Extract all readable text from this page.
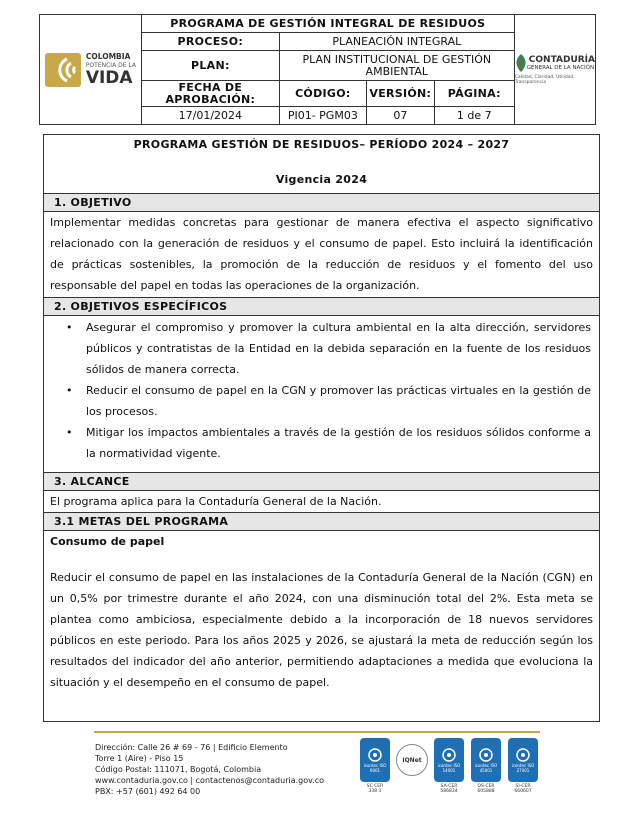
COLOMBIA
POTENCIA DE LA
VIDA
PROGRAMA DE GESTIÓN INTEGRAL DE RESIDUOS
PROCESO:	PLANEACIÓN INTEGRAL
PLAN:	PLAN INSTITUCIONAL DE GESTIÓN AMBIENTAL
FECHA DE APROBACIÓN:	CÓDIGO:	VERSIÓN:	PÁGINA:
17/01/2024	PI01- PGM03	07	1 de 7
CONTADURÍA
GENERAL DE LA NACIÓN
Calidad, Claridad, Utilidad, Transparencia
PROGRAMA GESTIÓN DE RESIDUOS– PERÍODO 2024 – 2027
Vigencia 2024
1. OBJETIVO

Implementar medidas concretas para gestionar de manera efectiva el aspecto significativo relacionado con la generación de residuos y el consumo de papel. Esto incluirá la identificación de prácticas sostenibles, la promoción de la reducción de residuos y el fomento del uso responsable del papel en todas las operaciones de la organización.

2. OBJETIVOS ESPECÍFICOS
• Asegurar el compromiso y promover la cultura ambiental en la alta dirección, servidores públicos y contratistas de la Entidad en la debida separación en la fuente de los residuos sólidos de manera correcta.
• Reducir el consumo de papel en la CGN y promover las prácticas virtuales en la gestión de los procesos.
• Mitigar los impactos ambientales a través de la gestión de los residuos sólidos conforme a la normatividad vigente.
3. ALCANCE

El programa aplica para la Contaduría General de la Nación.

3.1 METAS DEL PROGRAMA
Consumo de papel

Reducir el consumo de papel en las instalaciones de la Contaduría General de la Nación (CGN) en un 0,5% por trimestre durante el año 2024, con una disminución total del 2%. Esta meta se plantea como ambiciosa, especialmente debido a la incorporación de 18 nuevos servidores públicos en este periodo. Para los años 2025 y 2026, se ajustará la meta de reducción según los resultados del indicador del año anterior, permitiendo adaptaciones a medida que evoluciona la situación y el desempeño en el consumo de papel.

Dirección: Calle 26 # 69 - 76 | Edificio Elemento
Torre 1 (Aire) - Piso 15
Código Postal: 111071, Bogotá, Colombia
www.contaduria.gov.co | contactenos@contaduria.gov.co
PBX: +57 (601) 492 64 00
icontec ISO 9001
SC CER
338 1
IQNet
icontec ISO 14001
SA-CER
586834
icontec ISO 45001
OS-CER
605888
icontec ISO 27001
SI-CER
660607
